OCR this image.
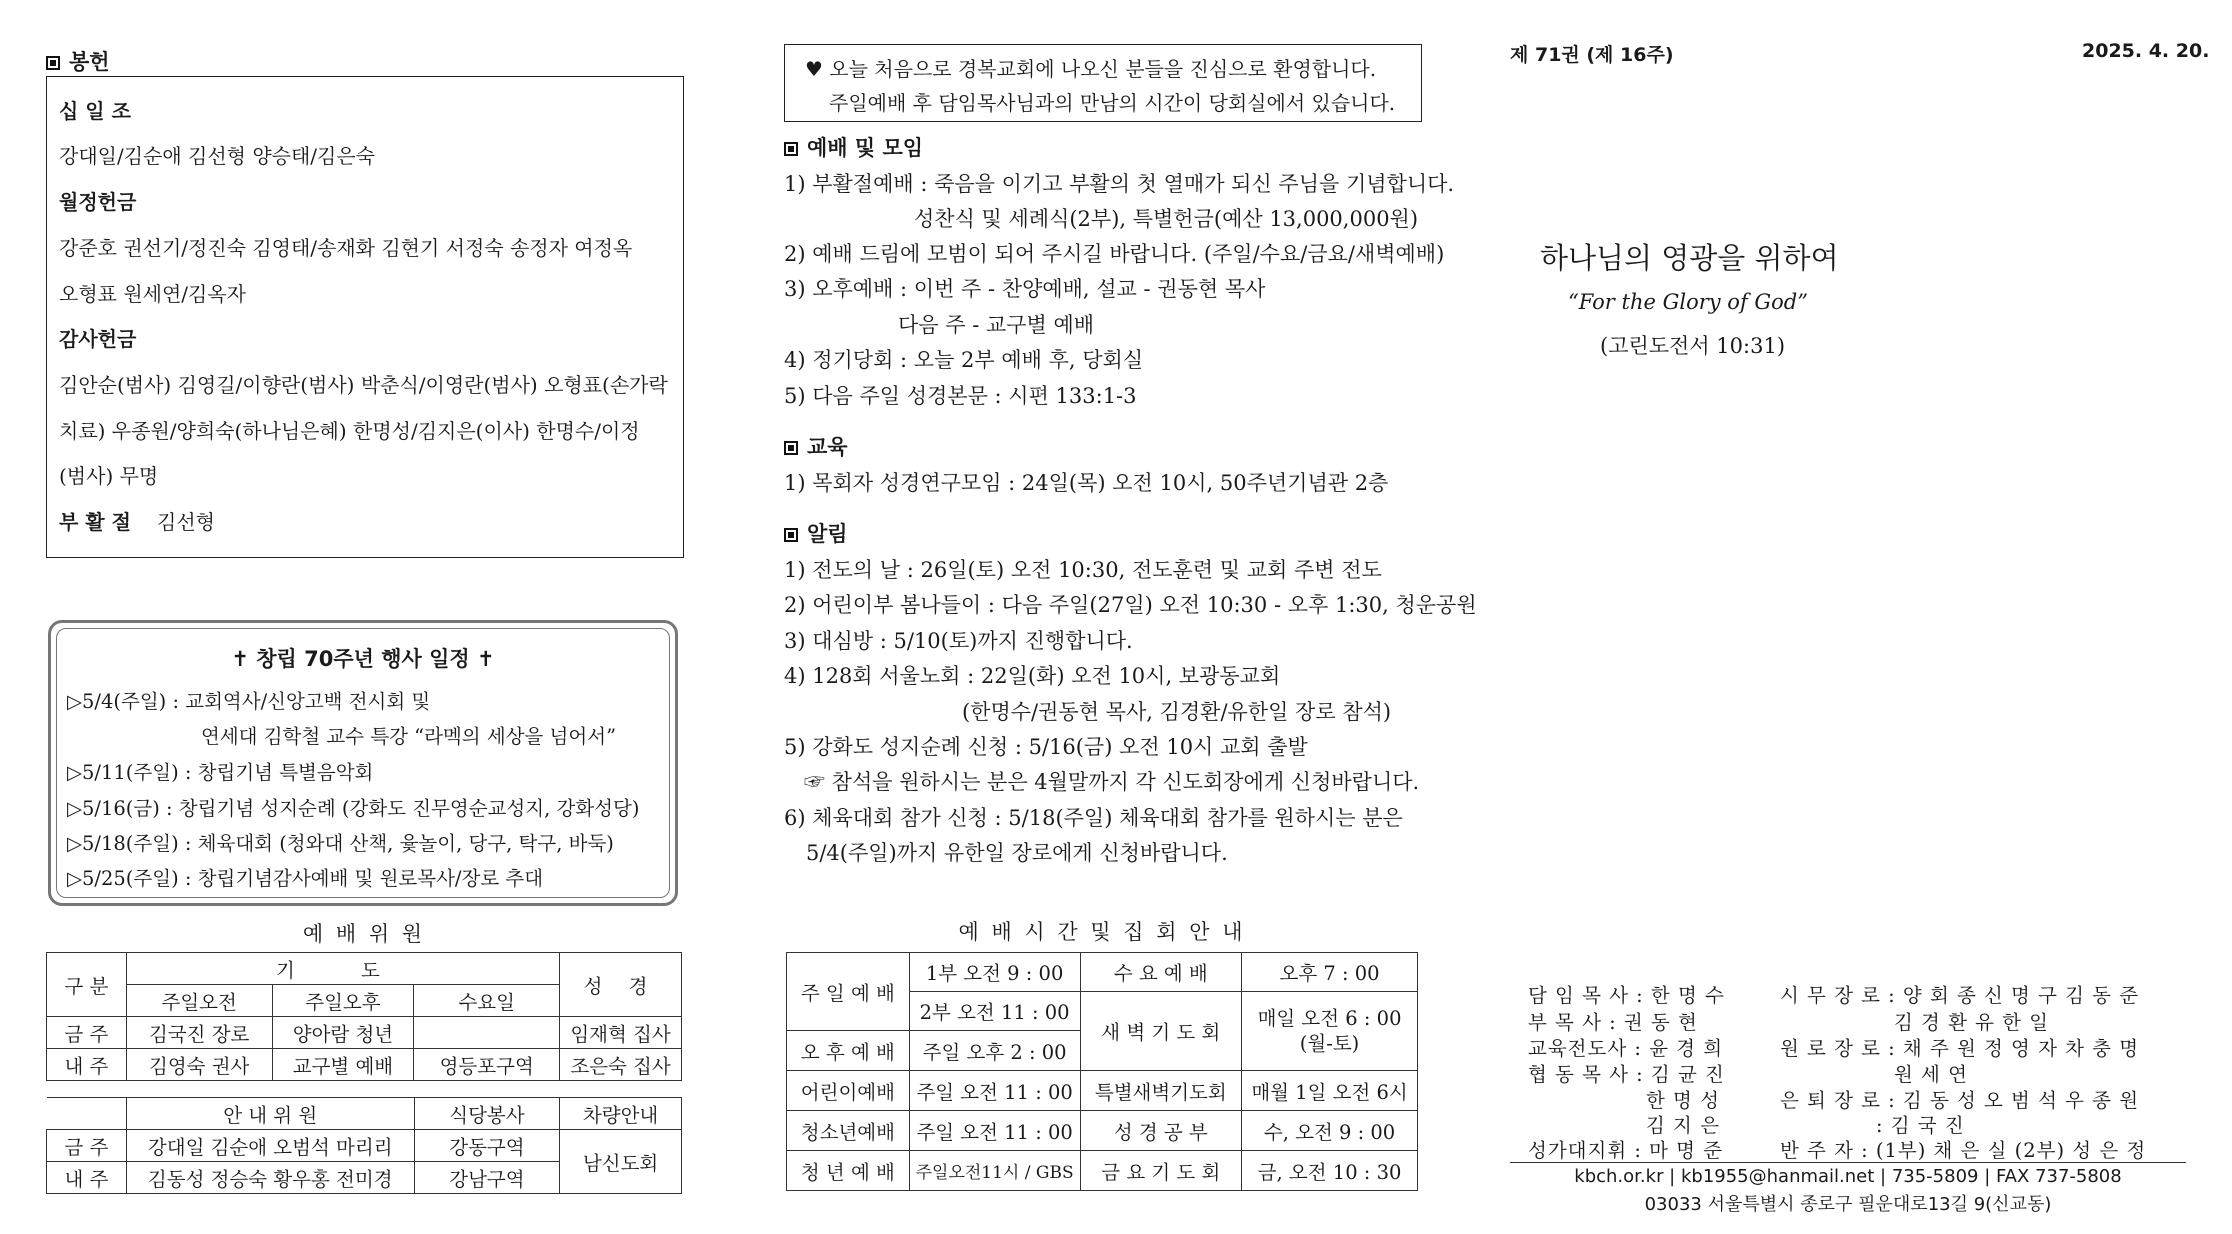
봉헌
십 일 조
강대일/김순애 김선형 양승태/김은숙
월정헌금
강준호 권선기/정진숙 김영태/송재화 김현기 서정숙 송정자 여정옥
오형표 원세연/김옥자
감사헌금
김안순(범사) 김영길/이향란(범사) 박춘식/이영란(범사) 오형표(손가락
치료) 우종원/양희숙(하나님은혜) 한명성/김지은(이사) 한명수/이정
(범사) 무명
부 활 절 김선형
✝ 창립 70주년 행사 일정 ✝
▷5/4(주일) : 교회역사/신앙고백 전시회 및
연세대 김학철 교수 특강 “라멕의 세상을 넘어서”
▷5/11(주일) : 창립기념 특별음악회
▷5/16(금) : 창립기념 성지순례 (강화도 진무영순교성지, 강화성당)
▷5/18(주일) : 체육대회 (청와대 산책, 윷놀이, 당구, 탁구, 바둑)
▷5/25(주일) : 창립기념감사예배 및 원로목사/장로 추대
예 배 위 원
구 분	기 도			성 경
	주일오전	주일오후	수요일	
금 주	김국진 장로	양아람 청년		임재혁 집사
내 주	김영숙 권사	교구별 예배	영등포구역	조은숙 집사
	안 내 위 원	식당봉사	차량안내
금 주	강대일 김순애 오범석 마리리	강동구역	남신도회
내 주	김동성 정승숙 황우홍 전미경	강남구역	
♥ 오늘 처음으로 경복교회에 나오신 분들을 진심으로 환영합니다.
주일예배 후 담임목사님과의 만남의 시간이 당회실에서 있습니다.
예배 및 모임
1) 부활절예배 : 죽음을 이기고 부활의 첫 열매가 되신 주님을 기념합니다.
성찬식 및 세례식(2부), 특별헌금(예산 13,000,000원)
2) 예배 드림에 모범이 되어 주시길 바랍니다. (주일/수요/금요/새벽예배)
3) 오후예배 : 이번 주 - 찬양예배, 설교 - 권동현 목사
다음 주 - 교구별 예배
4) 정기당회 : 오늘 2부 예배 후, 당회실
5) 다음 주일 성경본문 : 시편 133:1-3
교육
1) 목회자 성경연구모임 : 24일(목) 오전 10시, 50주년기념관 2층
알림
1) 전도의 날 : 26일(토) 오전 10:30, 전도훈련 및 교회 주변 전도
2) 어린이부 봄나들이 : 다음 주일(27일) 오전 10:30 - 오후 1:30, 청운공원
3) 대심방 : 5/10(토)까지 진행합니다.
4) 128회 서울노회 : 22일(화) 오전 10시, 보광동교회
(한명수/권동현 목사, 김경환/유한일 장로 참석)
5) 강화도 성지순례 신청 : 5/16(금) 오전 10시 교회 출발
☞ 참석을 원하시는 분은 4월말까지 각 신도회장에게 신청바랍니다.
6) 체육대회 참가 신청 : 5/18(주일) 체육대회 참가를 원하시는 분은
5/4(주일)까지 유한일 장로에게 신청바랍니다.
예 배 시 간 및 집 회 안 내
주 일 예 배	1부 오전 9 : 00	수 요 예 배	오후 7 : 00
	2부 오전 11 : 00	새 벽 기 도 회	매일 오전 6 : 00
(월-토)
오 후 예 배	주일 오후 2 : 00		
어린이예배	주일 오전 11 : 00	특별새벽기도회	매월 1일 오전 6시
청소년예배	주일 오전 11 : 00	성 경 공 부	수, 오전 9 : 00
청 년 예 배	주일오전11시 / GBS	금 요 기 도 회	금, 오전 10 : 30
제 71권 (제 16주)	2025. 4. 20.
하나님의 영광을 위하여
“For the Glory of God”
(고린도전서 10:31)
담 임 목 사 : 한 명 수	시 무 장 로 : 양 회 종 신 명 구 김 동 준
부 목 사 : 권 동 현	김 경 환 유 한 일
교육전도사 : 윤 경 희	원 로 장 로 : 채 주 원 정 영 자 차 충 명
협 동 목 사 : 김 균 진	원 세 연
한 명 성	은 퇴 장 로 : 김 동 성 오 범 석 우 종 원
김 지 은	: 김 국 진
성가대지휘 : 마 명 준	반 주 자 : (1부) 채 은 실 (2부) 성 은 정
kbch.or.kr | kb1955@hanmail.net | 735-5809 | FAX 737-5808
03033 서울특별시 종로구 필운대로13길 9(신교동)
